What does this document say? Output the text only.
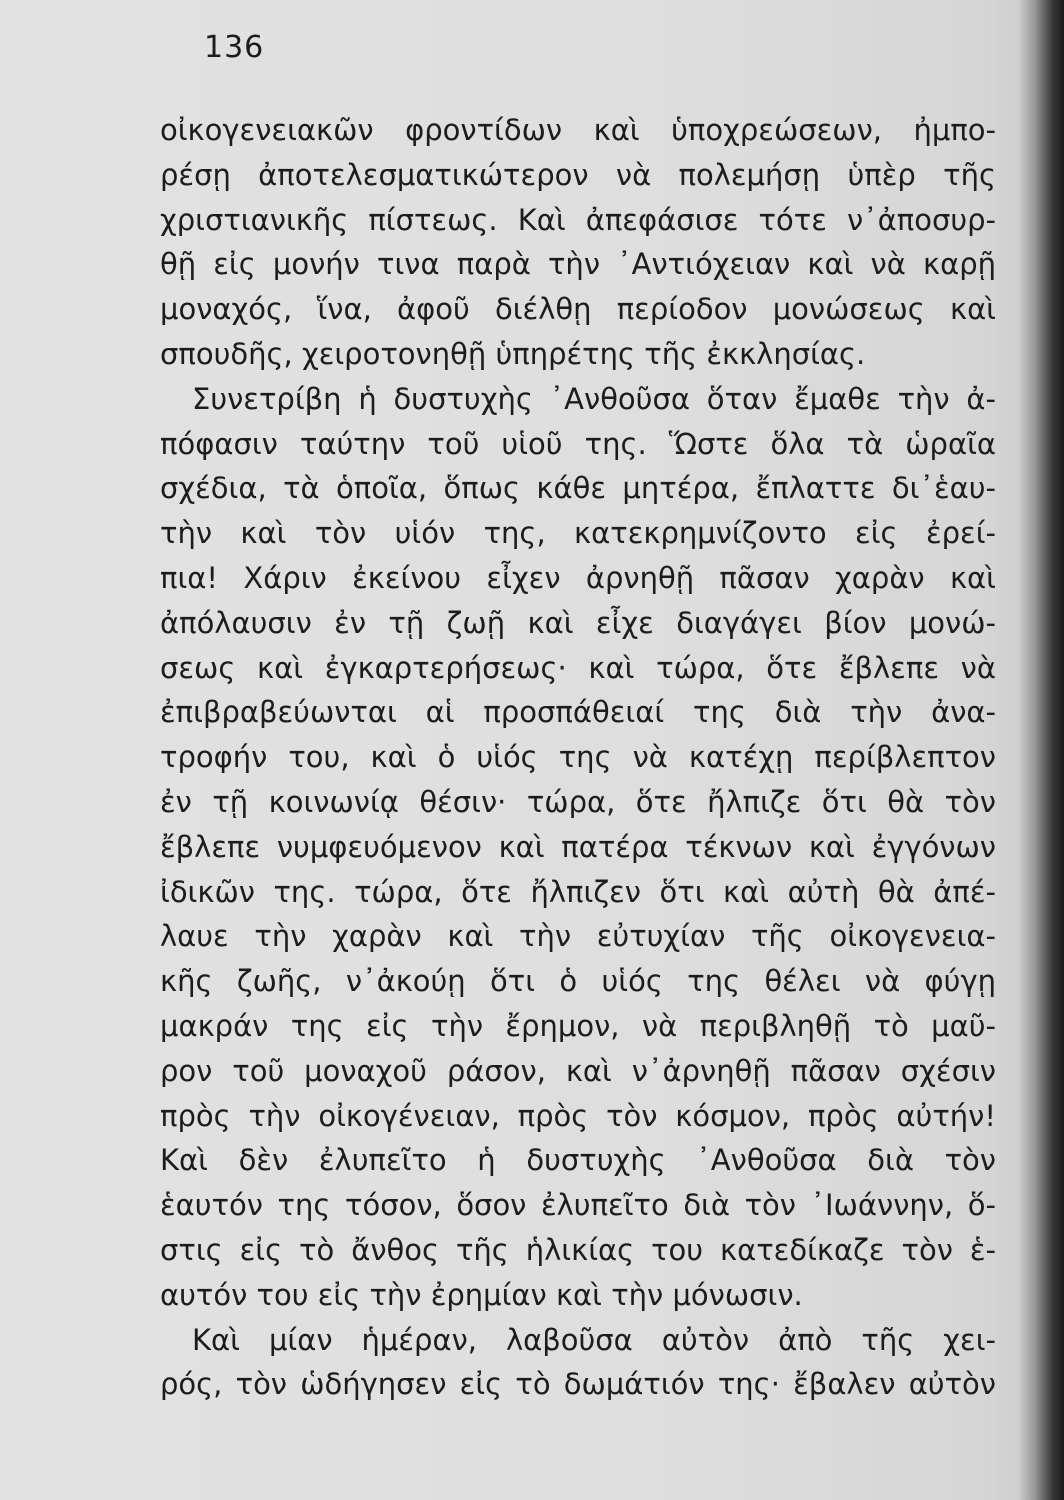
136
οἰκογενειακῶν φροντίδων καὶ ὑποχρεώσεων, ἠμπο-
ρέσῃ ἀποτελεσματικώτερον νὰ πολεμήσῃ ὑπὲρ τῆς
χριστιανικῆς πίστεως. Καὶ ἀπεφάσισε τότε ν᾿ἀποσυρ-
θῇ εἰς μονήν τινα παρὰ τὴν ᾿Αντιόχειαν καὶ νὰ καρῇ
μοναχός, ἵνα, ἀφοῦ διέλθῃ περίοδον μονώσεως καὶ
σπουδῆς, χειροτονηθῇ ὑπηρέτης τῆς ἐκκλησίας.
Συνετρίβη ἡ δυστυχὴς ᾿Ανθοῦσα ὅταν ἔμαθε τὴν ἀ-
πόφασιν ταύτην τοῦ υἱοῦ της. Ὥστε ὅλα τὰ ὡραῖα
σχέδια, τὰ ὁποῖα, ὅπως κάθε μητέρα, ἔπλαττε δι᾿ἑαυ-
τὴν καὶ τὸν υἱόν της, κατεκρημνίζοντο εἰς ἐρεί-
πια! Χάριν ἐκείνου εἶχεν ἀρνηθῇ πᾶσαν χαρὰν καὶ
ἀπόλαυσιν ἐν τῇ ζωῇ καὶ εἶχε διαγάγει βίον μονώ-
σεως καὶ ἐγκαρτερήσεως· καὶ τώρα, ὅτε ἔβλεπε νὰ
ἐπιβραβεύωνται αἱ προσπάθειαί της διὰ τὴν ἀνα-
τροφήν του, καὶ ὁ υἱός της νὰ κατέχῃ περίβλεπτον
ἐν τῇ κοινωνίᾳ θέσιν· τώρα, ὅτε ἤλπιζε ὅτι θὰ τὸν
ἔβλεπε νυμφευόμενον καὶ πατέρα τέκνων καὶ ἐγγόνων
ἰδικῶν της. τώρα, ὅτε ἤλπιζεν ὅτι καὶ αὐτὴ θὰ ἀπέ-
λαυε τὴν χαρὰν καὶ τὴν εὐτυχίαν τῆς οἰκογενεια-
κῆς ζωῆς, ν᾿ἀκούῃ ὅτι ὁ υἱός της θέλει νὰ φύγῃ
μακράν της εἰς τὴν ἔρημον, νὰ περιβληθῇ τὸ μαῦ-
ρον τοῦ μοναχοῦ ράσον, καὶ ν᾿ἀρνηθῇ πᾶσαν σχέσιν
πρὸς τὴν οἰκογένειαν, πρὸς τὸν κόσμον, πρὸς αὐτήν!
Καὶ δὲν ἐλυπεῖτο ἡ δυστυχὴς ᾿Ανθοῦσα διὰ τὸν
ἑαυτόν της τόσον, ὅσον ἐλυπεῖτο διὰ τὸν ᾿Ιωάννην, ὅ-
στις εἰς τὸ ἄνθος τῆς ἡλικίας του κατεδίκαζε τὸν ἑ-
αυτόν του εἰς τὴν ἐρημίαν καὶ τὴν μόνωσιν.
Καὶ μίαν ἡμέραν, λαβοῦσα αὐτὸν ἀπὸ τῆς χει-
ρός, τὸν ὡδήγησεν εἰς τὸ δωμάτιόν της· ἔβαλεν αὐτὸν
